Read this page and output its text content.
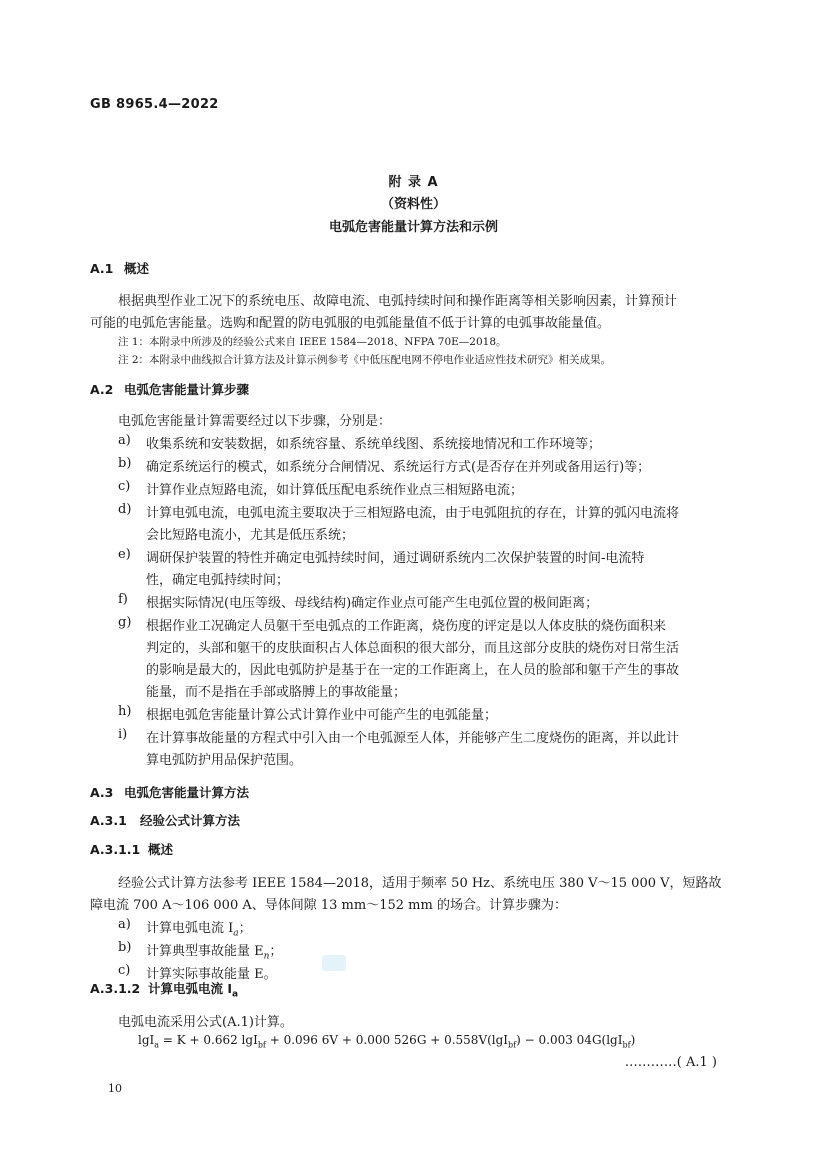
GB 8965.4—2022
附 录 A
（资料性）
电弧危害能量计算方法和示例
A.1 概述
根据典型作业工况下的系统电压、故障电流、电弧持续时间和操作距离等相关影响因素，计算预计
可能的电弧危害能量。选购和配置的防电弧服的电弧能量值不低于计算的电弧事故能量值。
注 1：本附录中所涉及的经验公式来自 IEEE 1584—2018、NFPA 70E—2018。
注 2：本附录中曲线拟合计算方法及计算示例参考《中低压配电网不停电作业适应性技术研究》相关成果。
A.2 电弧危害能量计算步骤
电弧危害能量计算需要经过以下步骤，分别是：
a) 收集系统和安装数据，如系统容量、系统单线图、系统接地情况和工作环境等；
b) 确定系统运行的模式，如系统分合闸情况、系统运行方式(是否存在并列或备用运行)等；
c) 计算作业点短路电流，如计算低压配电系统作业点三相短路电流；
d) 计算电弧电流，电弧电流主要取决于三相短路电流，由于电弧阻抗的存在，计算的弧闪电流将
会比短路电流小，尤其是低压系统；
e) 调研保护装置的特性并确定电弧持续时间，通过调研系统内二次保护装置的时间-电流特
性，确定电弧持续时间；
f) 根据实际情况(电压等级、母线结构)确定作业点可能产生电弧位置的极间距离；
g) 根据作业工况确定人员躯干至电弧点的工作距离，烧伤度的评定是以人体皮肤的烧伤面积来
判定的，头部和躯干的皮肤面积占人体总面积的很大部分，而且这部分皮肤的烧伤对日常生活
的影响是最大的，因此电弧防护是基于在一定的工作距离上，在人员的脸部和躯干产生的事故
能量，而不是指在手部或胳膊上的事故能量；
h) 根据电弧危害能量计算公式计算作业中可能产生的电弧能量；
i) 在计算事故能量的方程式中引入由一个电弧源至人体，并能够产生二度烧伤的距离，并以此计
算电弧防护用品保护范围。
A.3 电弧危害能量计算方法
A.3.1 经验公式计算方法
A.3.1.1 概述
经验公式计算方法参考 IEEE 1584—2018，适用于频率 50 Hz、系统电压 380 V～15 000 V，短路故
障电流 700 A～106 000 A、导体间隙 13 mm～152 mm 的场合。计算步骤为：
a) 计算电弧电流 $I_a$；
b) 计算典型事故能量 $E_n$；
c) 计算实际事故能量 E。
A.3.1.2 计算电弧电流 $I_a$
电弧电流采用公式(A.1)计算。
lgI$_a$ = K + 0.662 lgI$_{bf}$ + 0.096 6V + 0.000 526G + 0.558V(lgI$_{bf}$) − 0.003 04G(lgI$_{bf}$)
…………( A.1 )
10
